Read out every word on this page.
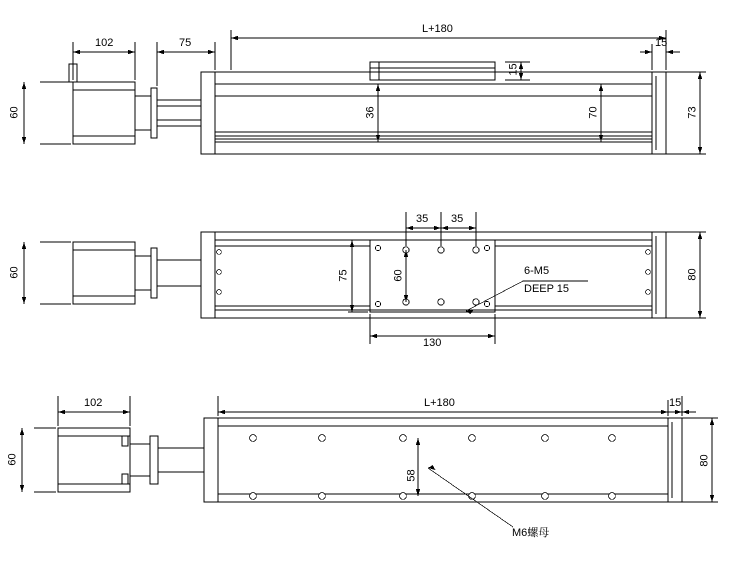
102	75
L+180
15
15
60	36	70	73
35 35
75	60
60
130
80
6-M5
DEEP 15
102	L+180	15
60
58
80
M6螺母
